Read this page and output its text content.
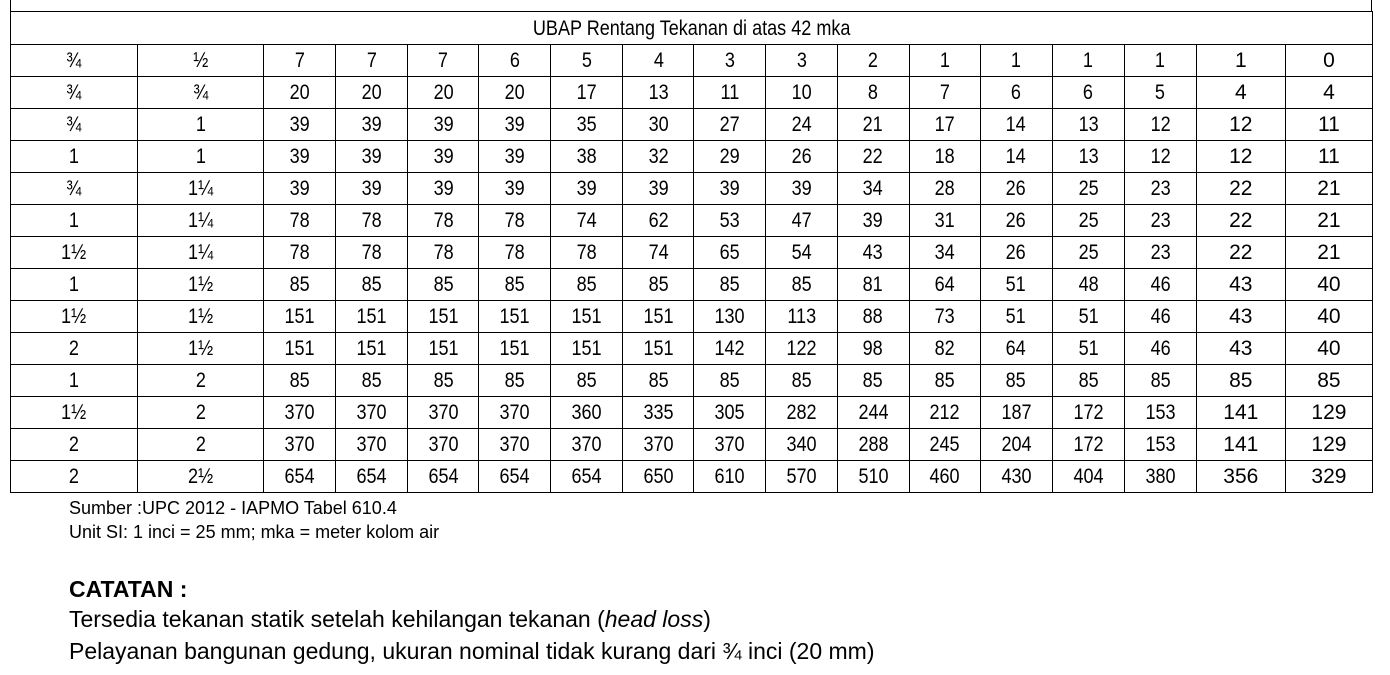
UBAP Rentang Tekanan di atas 42 mka																
¾	½	7	7	7	6	5	4	3	3	2	1	1	1	1	1	0
¾	¾	20	20	20	20	17	13	11	10	8	7	6	6	5	4	4
¾	1	39	39	39	39	35	30	27	24	21	17	14	13	12	12	11
1	1	39	39	39	39	38	32	29	26	22	18	14	13	12	12	11
¾	1¼	39	39	39	39	39	39	39	39	34	28	26	25	23	22	21
1	1¼	78	78	78	78	74	62	53	47	39	31	26	25	23	22	21
1½	1¼	78	78	78	78	78	74	65	54	43	34	26	25	23	22	21
1	1½	85	85	85	85	85	85	85	85	81	64	51	48	46	43	40
1½	1½	151	151	151	151	151	151	130	113	88	73	51	51	46	43	40
2	1½	151	151	151	151	151	151	142	122	98	82	64	51	46	43	40
1	2	85	85	85	85	85	85	85	85	85	85	85	85	85	85	85
1½	2	370	370	370	370	360	335	305	282	244	212	187	172	153	141	129
2	2	370	370	370	370	370	370	370	340	288	245	204	172	153	141	129
2	2½	654	654	654	654	654	650	610	570	510	460	430	404	380	356	329

Sumber :UPC 2012 - IAPMO Tabel 610.4

Unit SI: 1 inci = 25 mm; mka = meter kolom air

CATATAN :

Tersedia tekanan statik setelah kehilangan tekanan (head loss)

Pelayanan bangunan gedung, ukuran nominal tidak kurang dari ¾ inci (20 mm)
